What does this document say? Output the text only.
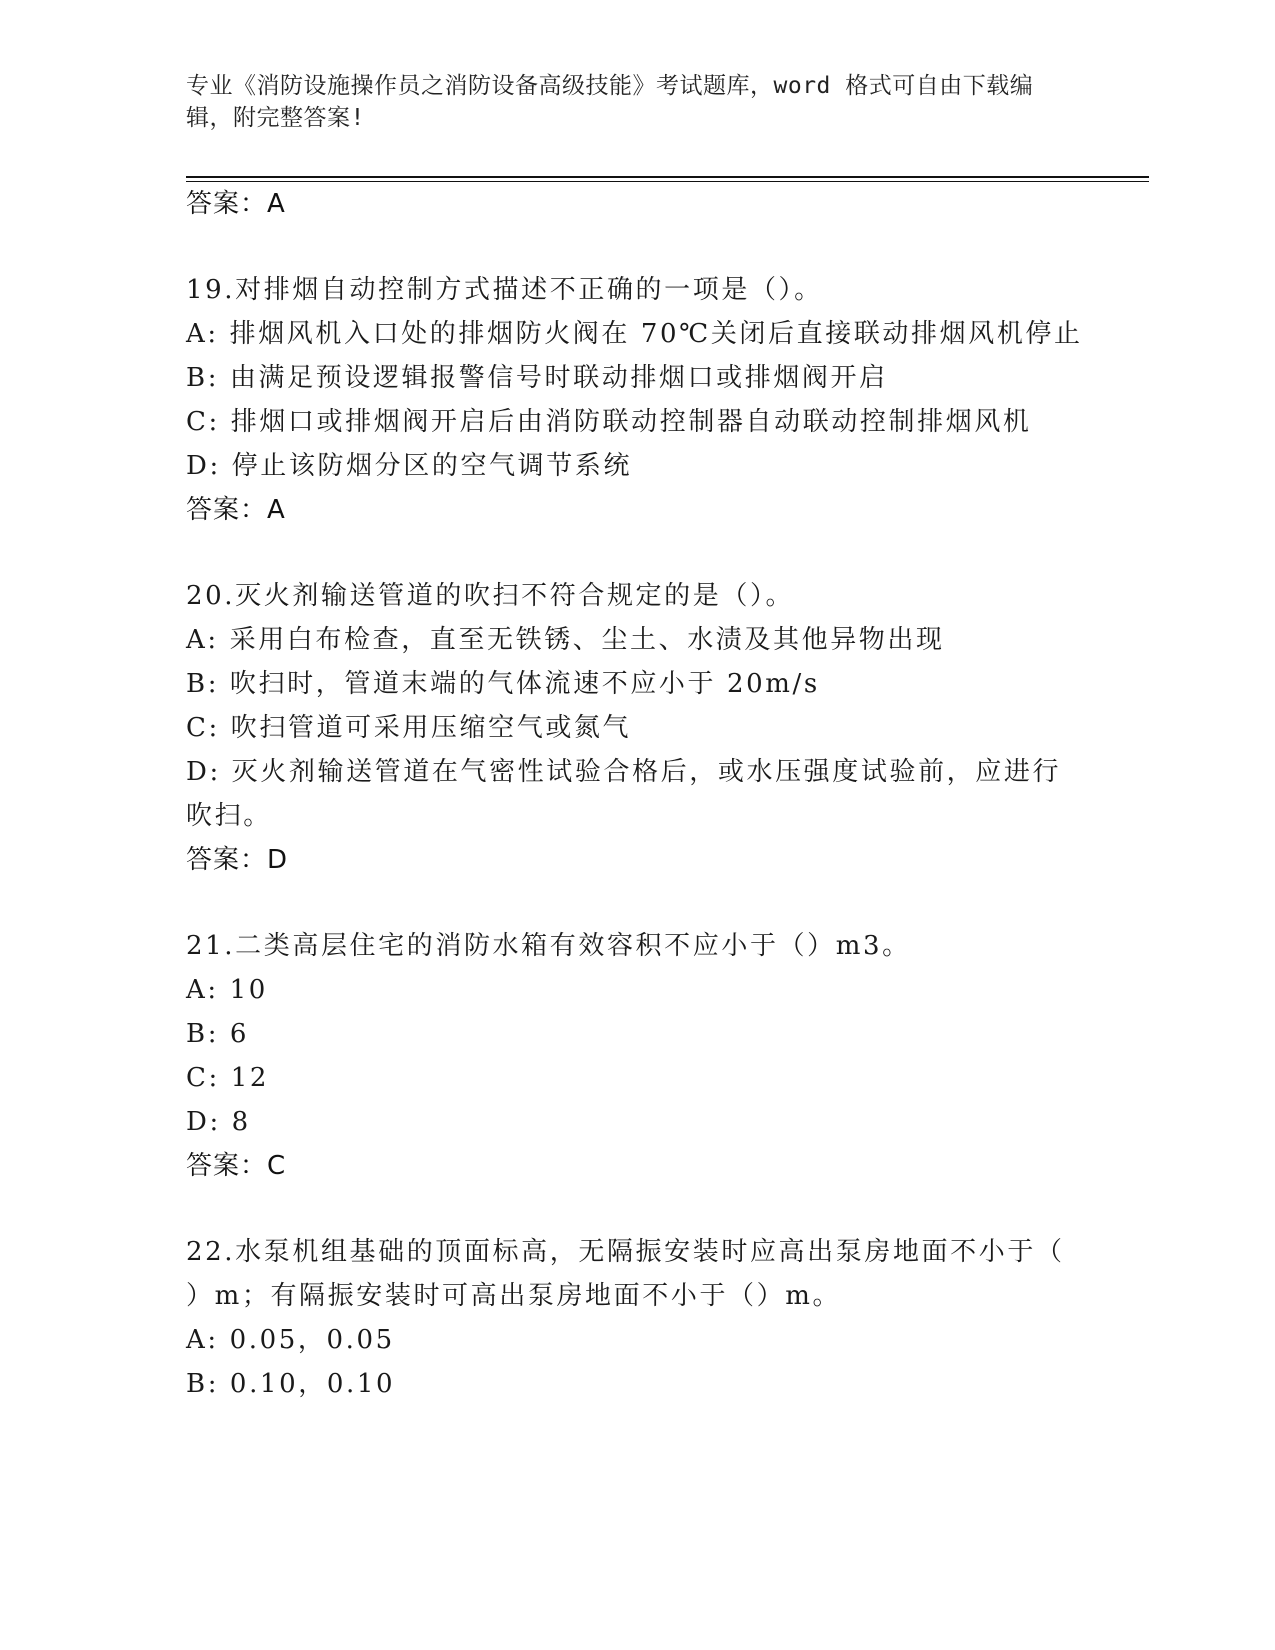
专业《消防设施操作员之消防设备高级技能》考试题库，word 格式可自由下载编
辑，附完整答案!
答案：A
19.对排烟自动控制方式描述不正确的一项是（）。
A: 排烟风机入口处的排烟防火阀在 70℃关闭后直接联动排烟风机停止
B: 由满足预设逻辑报警信号时联动排烟口或排烟阀开启
C: 排烟口或排烟阀开启后由消防联动控制器自动联动控制排烟风机
D: 停止该防烟分区的空气调节系统
答案：A
20.灭火剂输送管道的吹扫不符合规定的是（）。
A: 采用白布检查，直至无铁锈、尘土、水渍及其他异物出现
B: 吹扫时，管道末端的气体流速不应小于 20m/s
C: 吹扫管道可采用压缩空气或氮气
D: 灭火剂输送管道在气密性试验合格后，或水压强度试验前，应进行
吹扫。
答案：D
21.二类高层住宅的消防水箱有效容积不应小于（）m3。
A: 10
B: 6
C: 12
D: 8
答案：C
22.水泵机组基础的顶面标高，无隔振安装时应高出泵房地面不小于（
）m；有隔振安装时可高出泵房地面不小于（）m。
A: 0.05，0.05
B: 0.10，0.10
